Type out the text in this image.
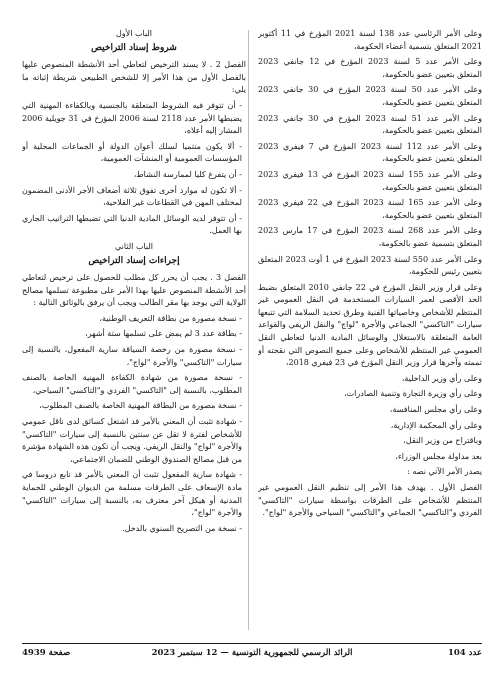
وعلى الأمر الرئاسي عدد 138 لسنة 2021 المؤرخ في 11 أكتوبر 2021 المتعلق بتسمية أعضاء الحكومة،

وعلى الأمر عدد 5 لسنة 2023 المؤرخ في 12 جانفي 2023 المتعلق بتعيين عضو بالحكومة،

وعلى الأمر عدد 50 لسنة 2023 المؤرخ في 30 جانفي 2023 المتعلق بتعيين عضو بالحكومة،

وعلى الأمر عدد 51 لسنة 2023 المؤرخ في 30 جانفي 2023 المتعلق بتعيين عضو بالحكومة،

وعلى الأمر عدد 112 لسنة 2023 المؤرخ في 7 فيفري 2023 المتعلق بتعيين عضو بالحكومة،

وعلى الأمر عدد 155 لسنة 2023 المؤرخ في 13 فيفري 2023 المتعلق بتعيين عضو بالحكومة،

وعلى الأمر عدد 165 لسنة 2023 المؤرخ في 22 فيفري 2023 المتعلق بتعيين عضو بالحكومة،

وعلى الأمر عدد 268 لسنة 2023 المؤرخ في 17 مارس 2023 المتعلق بتسمية عضو بالحكومة،

وعلى الأمر عدد 550 لسنة 2023 المؤرخ في 1 أوت 2023 المتعلق بتعيين رئيس للحكومة،

وعلى قرار وزير النقل المؤرخ في 22 جانفي 2010 المتعلق بضبط الحد الأقصى لعمر السيارات المستخدمة في النقل العمومي غير المنتظم للأشخاص وخاصياتها الفنية وطرق تحديد السلامة التي تتبعها سيارات "التاكسي" الجماعي والأجرة "لواج" والنقل الريفي والقواعد العامة المتعلقة بالاستغلال والوسائل المادية الدنيا لتعاطي النقل العمومي غير المنتظم للأشخاص وعلى جميع النصوص التي نقحته أو تممته وآخرها قرار وزير النقل المؤرخ في 23 فيفري 2018،

وعلى رأي وزير الداخلية،

وعلى رأي وزيرة التجارة وتنمية الصادرات،

وعلى رأي مجلس المنافسة،

وعلى رأي المحكمة الإدارية،

وباقتراح من وزير النقل،

بعد مداولة مجلس الوزراء،

يصدر الأمر الآتي نصه :

الفصل الأول . يهدف هذا الأمر إلى تنظيم النقل العمومي غير المنتظم للأشخاص على الطرقات بواسطة سيارات "التاكسي" الفردي و"التاكسي" الجماعي و"التاكسي" السياحي والأجرة "لواج".

الباب الأول
شروط إسناد التراخيص

الفصل 2 . لا يسند الترخيص لتعاطي أحد الأنشطة المنصوص عليها بالفصل الأول من هذا الأمر إلا للشخص الطبيعي شريطة إثباته ما يلي:

- أن تتوفر فيه الشروط المتعلقة بالجنسية وبالكفاءة المهنية التي يضبطها الأمر عدد 2118 لسنة 2006 المؤرخ في 31 جويلية 2006 المشار إليه أعلاه،

- ألا يكون منتميا لسلك أعوان الدولة أو الجماعات المحلية أو المؤسسات العمومية أو المنشآت العمومية،

- أن يتفرغ كليا لممارسة النشاط،

- ألا تكون له موارد أخرى تفوق ثلاثة أضعاف الأجر الأدنى المضمون لمختلف المهن في القطاعات غير الفلاحية،

- أن تتوفر لديه الوسائل المادية الدنيا التي تضبطها التراتيب الجاري بها العمل.

الباب الثاني
إجراءات إسناد التراخيص

الفصل 3 . يجب أن يحرر كل مطلب للحصول على ترخيص لتعاطي أحد الأنشطة المنصوص عليها بهذا الأمر على مطبوعة تسلمها مصالح الولاية التي يوجد بها مقر الطالب ويجب أن يرفق بالوثائق التالية :

- نسخة مصورة من بطاقة التعريف الوطنية،

- بطاقة عدد 3 لم يمض على تسلمها ستة أشهر،

- نسخة مصورة من رخصة السياقة سارية المفعول، بالنسبة إلى سيارات "التاكسي" والأجرة "لواج"،

- نسخة مصورة من شهادة الكفاءة المهنية الخاصة بالصنف المطلوب، بالنسبة إلى "التاكسي" الفردي و"التاكسي" السياحي،

- نسخة مصورة من البطاقة المهنية الخاصة بالصنف المطلوب،

- شهادة تثبت أن المعني بالأمر قد اشتغل كسائق لدى ناقل عمومي للأشخاص لفترة لا تقل عن سنتين بالنسبة إلى سيارات "التاكسي" والأجرة "لواج" والنقل الريفي. ويجب أن تكون هذه الشهادة مؤشرة من قبل مصالح الصندوق الوطني للضمان الاجتماعي،

- شهادة سارية المفعول تثبت أن المعني بالأمر قد تابع دروسا في مادة الإسعاف على الطرقات مسلمة من الديوان الوطني للحماية المدنية أو هيكل آخر معترف به، بالنسبة إلى سيارات "التاكسي" والأجرة "لواج"،

- نسخة من التصريح السنوي بالدخل.

عدد 104
الرائد الرسمي للجمهورية التونسية — 12 سبتمبر 2023
صفحة 4939
